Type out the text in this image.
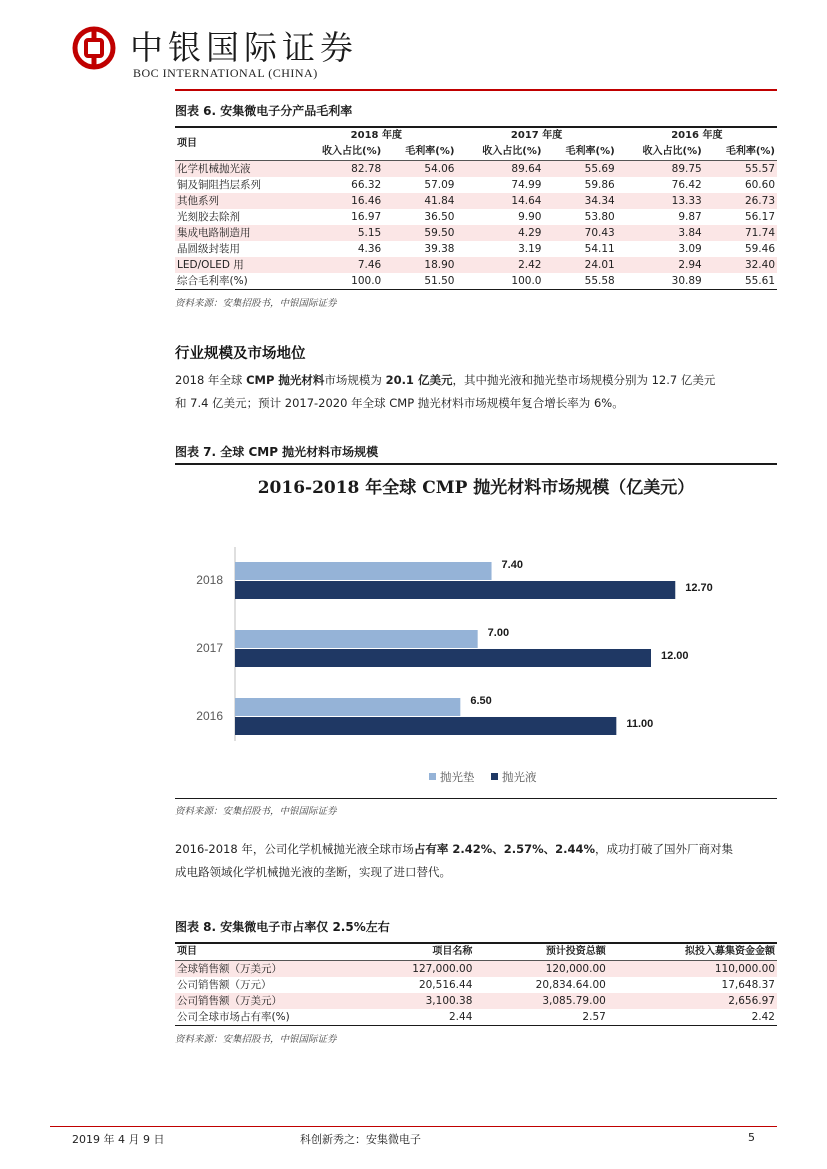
中银国际证券
BOC INTERNATIONAL (CHINA)
图表 6. 安集微电子分产品毛利率
项目	2018 年度		2017 年度		2016 年度	
	收入占比(%)	毛利率(%)	收入占比(%)	毛利率(%)	收入占比(%)	毛利率(%)
化学机械抛光液	82.78	54.06	89.64	55.69	89.75	55.57
铜及铜阻挡层系列	66.32	57.09	74.99	59.86	76.42	60.60
其他系列	16.46	41.84	14.64	34.34	13.33	26.73
光刻胶去除剂	16.97	36.50	9.90	53.80	9.87	56.17
集成电路制造用	5.15	59.50	4.29	70.43	3.84	71.74
晶圆级封装用	4.36	39.38	3.19	54.11	3.09	59.46
LED/OLED 用	7.46	18.90	2.42	24.01	2.94	32.40
综合毛利率(%)	100.0	51.50	100.0	55.58	30.89	55.61
资料来源：安集招股书，中银国际证券
行业规模及市场地位
2018 年全球 CMP 抛光材料市场规模为 20.1 亿美元，其中抛光液和抛光垫市场规模分别为 12.7 亿美元
和 7.4 亿美元；预计 2017-2020 年全球 CMP 抛光材料市场规模年复合增长率为 6%。
图表 7. 全球 CMP 抛光材料市场规模
2016-2018 年全球 CMP 抛光材料市场规模（亿美元）
2018
7.40
12.70
2017
7.00
12.00
2016
6.50
11.00
抛光垫 抛光液
资料来源：安集招股书，中银国际证券
2016-2018 年，公司化学机械抛光液全球市场占有率 2.42%、2.57%、2.44%，成功打破了国外厂商对集
成电路领域化学机械抛光液的垄断，实现了进口替代。
图表 8. 安集微电子市占率仅 2.5%左右
项目	项目名称	预计投资总额	拟投入募集资金金额
全球销售额（万美元）	127,000.00	120,000.00	110,000.00
公司销售额（万元）	20,516.44	20,834.64.00	17,648.37
公司销售额（万美元）	3,100.38	3,085.79.00	2,656.97
公司全球市场占有率(%)	2.44	2.57	2.42
资料来源：安集招股书，中银国际证券
2019 年 4 月 9 日	科创新秀之：安集微电子	5
